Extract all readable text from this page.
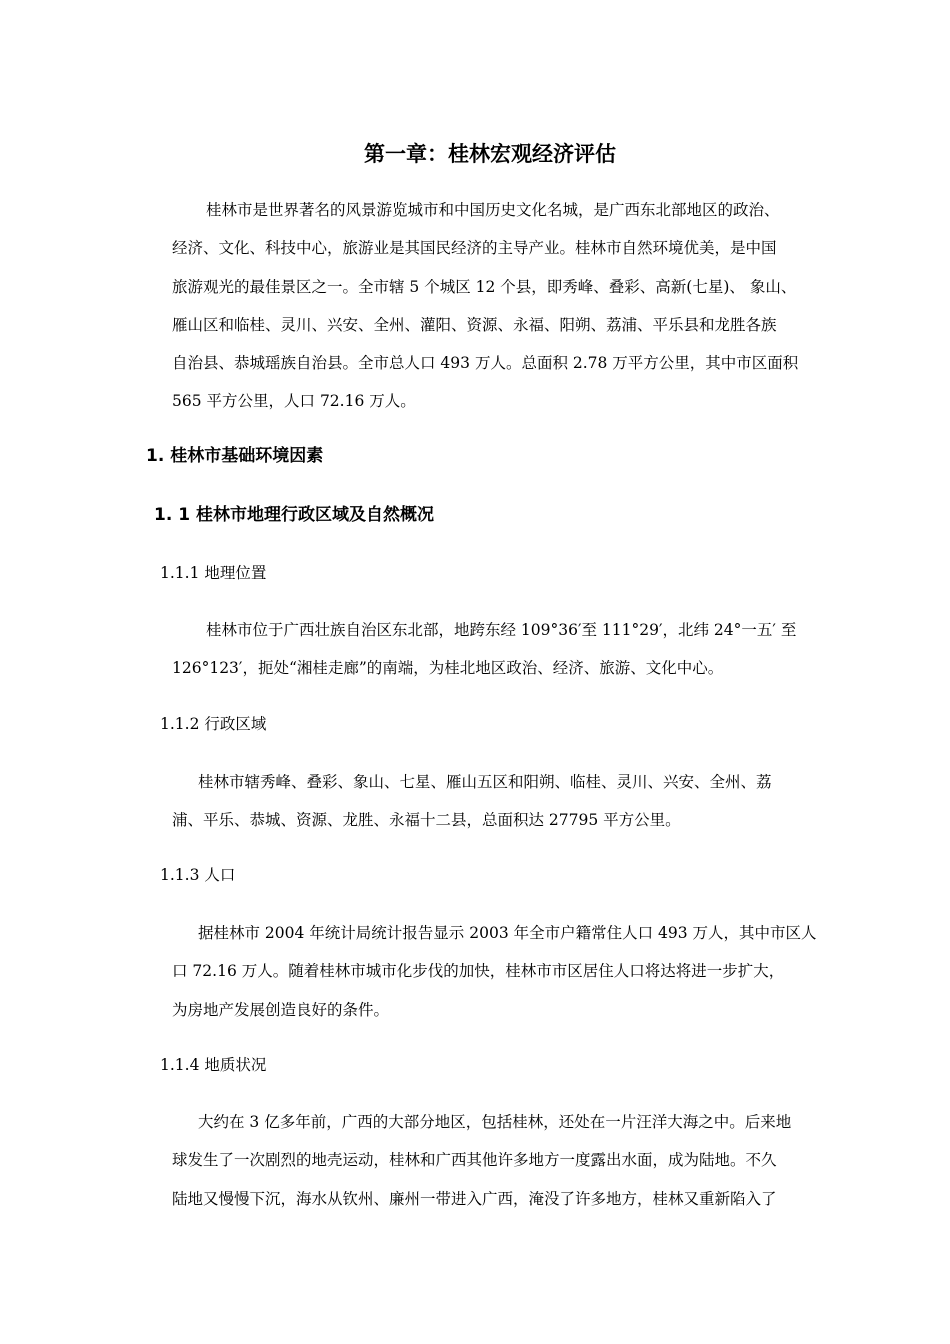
第一章：桂林宏观经济评估
桂林市是世界著名的风景游览城市和中国历史文化名城，是广西东北部地区的政治、
经济、文化、科技中心，旅游业是其国民经济的主导产业。桂林市自然环境优美，是中国
旅游观光的最佳景区之一。全市辖 5 个城区 12 个县，即秀峰、叠彩、高新(七星)、 象山、
雁山区和临桂、灵川、兴安、全州、灌阳、资源、永福、阳朔、荔浦、平乐县和龙胜各族
自治县、恭城瑶族自治县。全市总人口 493 万人。总面积 2.78 万平方公里，其中市区面积
565 平方公里，人口 72.16 万人。
1. 桂林市基础环境因素
1. 1 桂林市地理行政区域及自然概况
1.1.1 地理位置
桂林市位于广西壮族自治区东北部，地跨东经 109°36′至 111°29′，北纬 24°一五′ 至
126°123′，扼处“湘桂走廊”的南端，为桂北地区政治、经济、旅游、文化中心。
1.1.2 行政区域
桂林市辖秀峰、叠彩、象山、七星、雁山五区和阳朔、临桂、灵川、兴安、全州、荔
浦、平乐、恭城、资源、龙胜、永福十二县，总面积达 27795 平方公里。
1.1.3 人口
据桂林市 2004 年统计局统计报告显示 2003 年全市户籍常住人口 493 万人，其中市区人
口 72.16 万人。随着桂林市城市化步伐的加快，桂林市市区居住人口将达将进一步扩大，
为房地产发展创造良好的条件。
1.1.4 地质状况
大约在 3 亿多年前，广西的大部分地区，包括桂林，还处在一片汪洋大海之中。后来地
球发生了一次剧烈的地壳运动，桂林和广西其他许多地方一度露出水面，成为陆地。不久
陆地又慢慢下沉，海水从钦州、廉州一带进入广西，淹没了许多地方，桂林又重新陷入了
